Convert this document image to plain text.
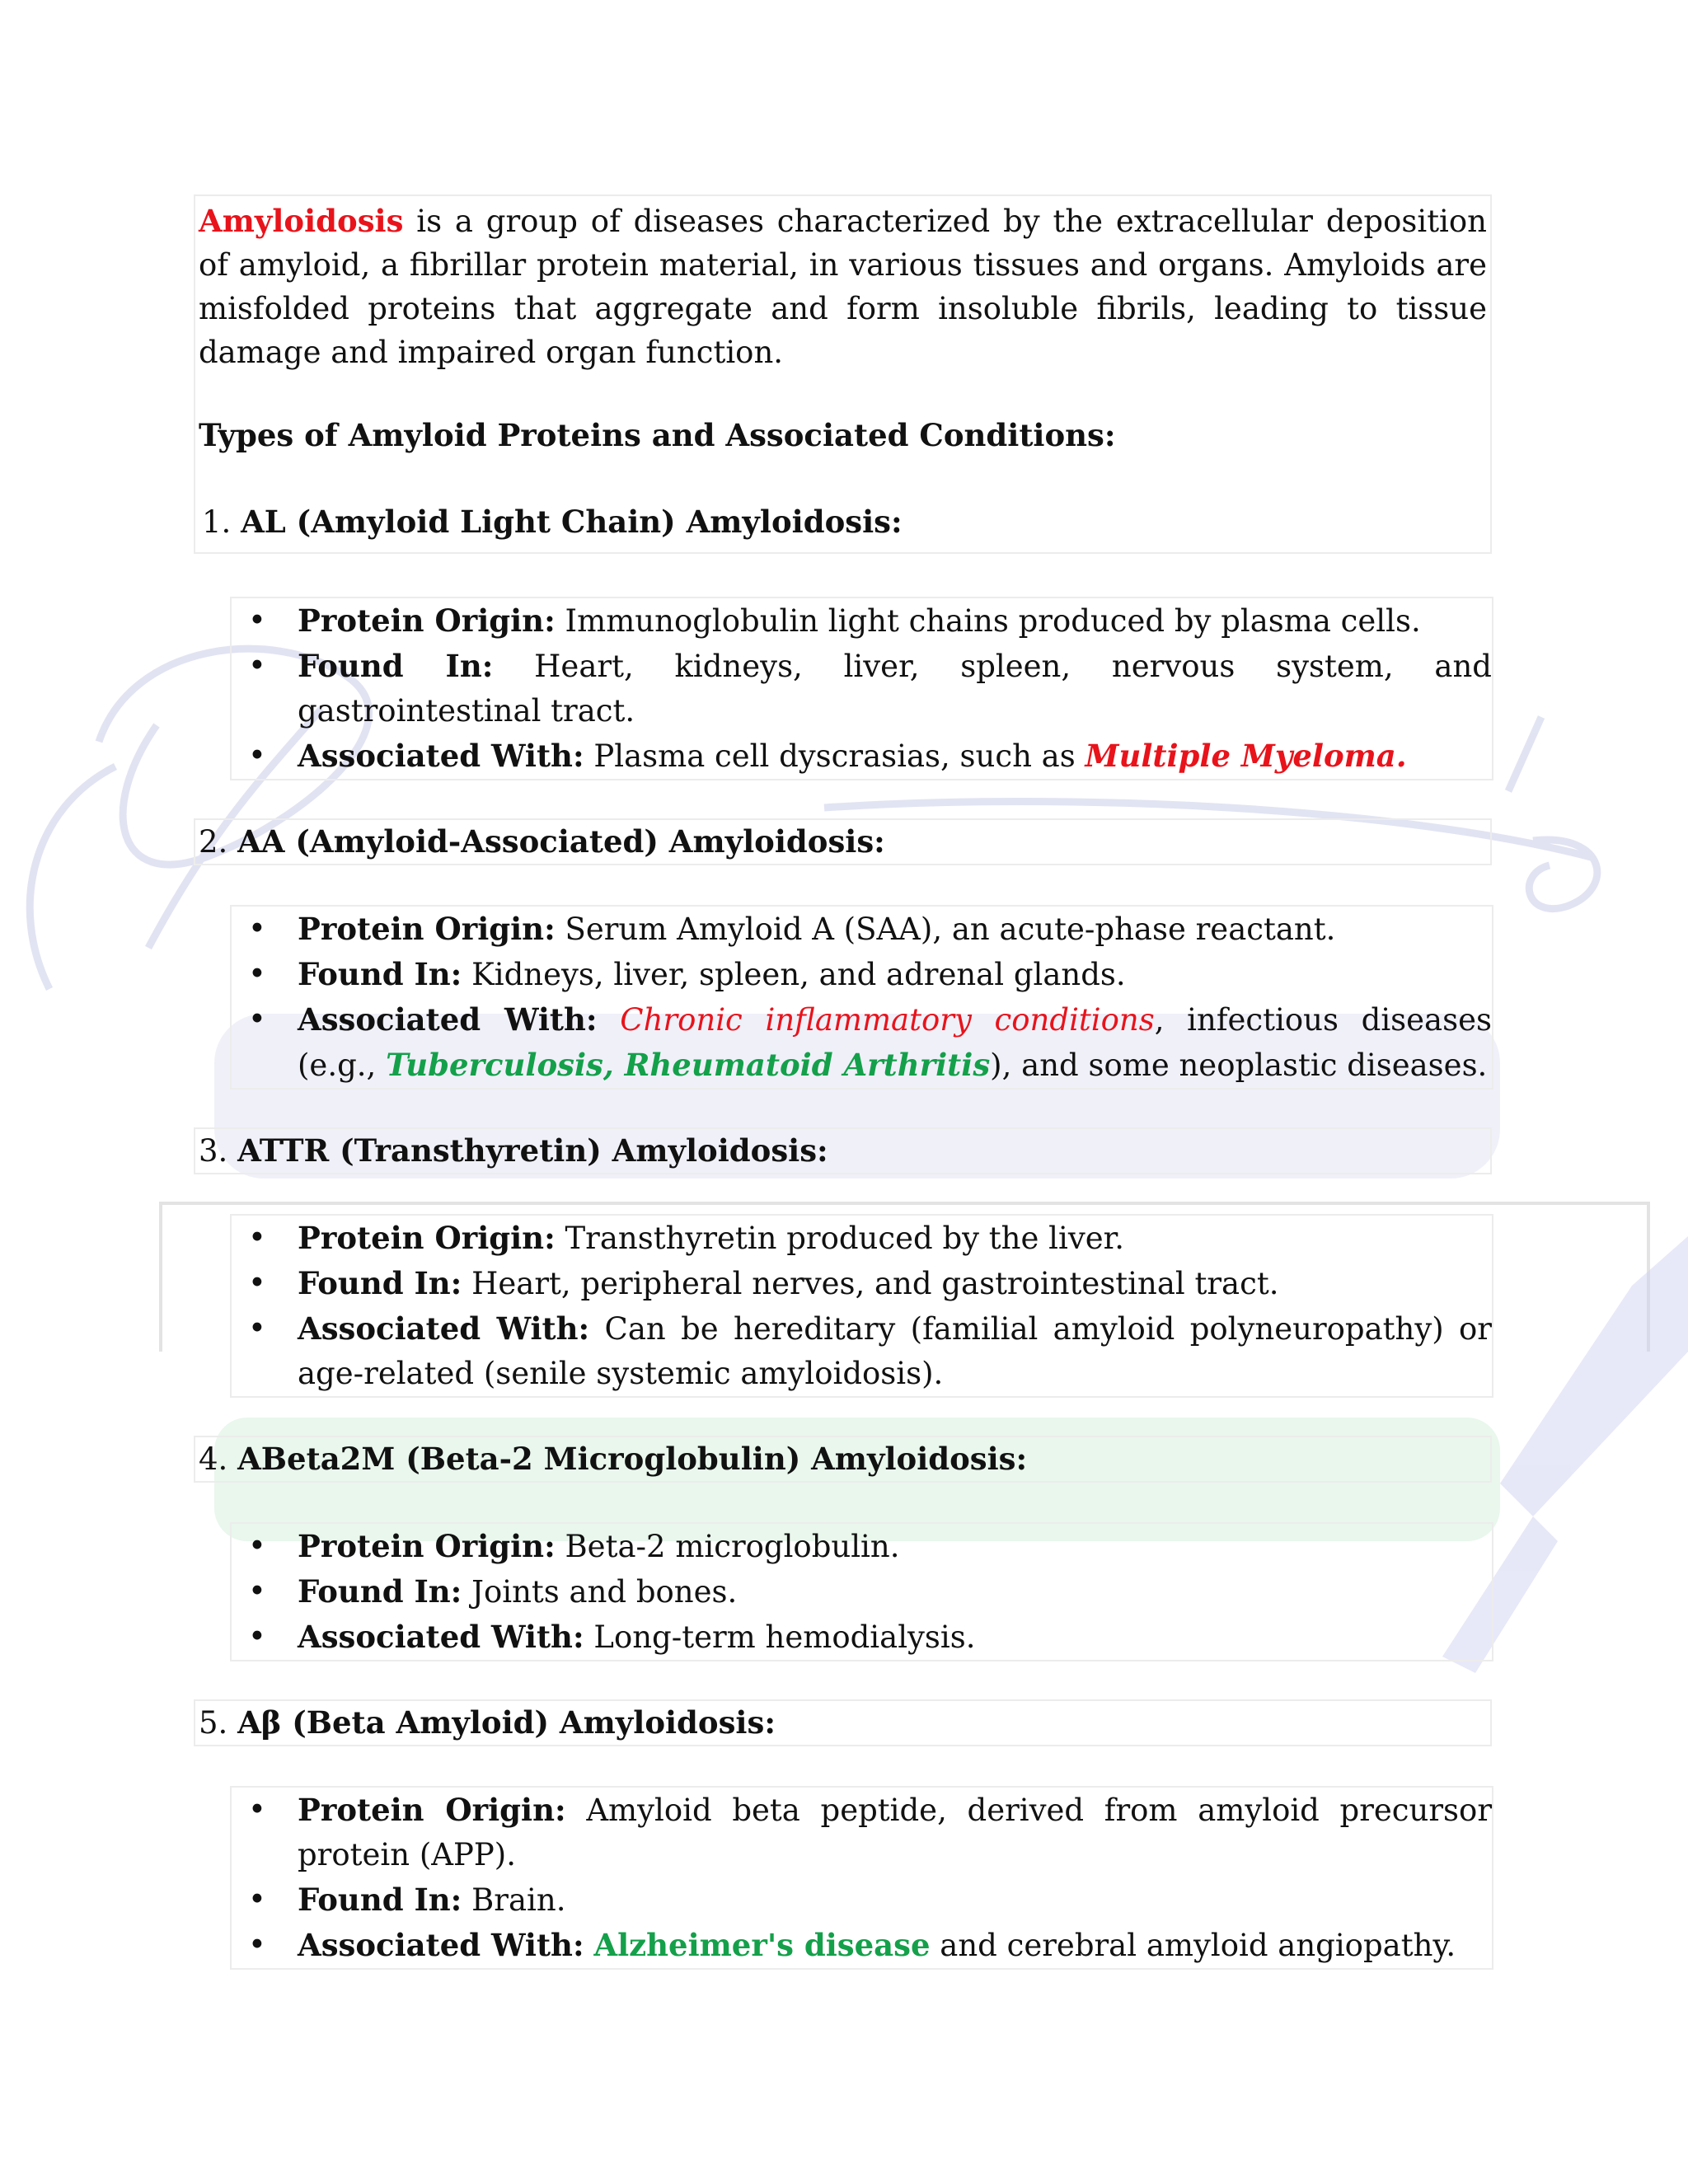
Amyloidosis is a group of diseases characterized by the extracellular deposition of amyloid, a fibrillar protein material, in various tissues and organs. Amyloids are misfolded proteins that aggregate and form insoluble fibrils, leading to tissue damage and impaired organ function.
Types of Amyloid Proteins and Associated Conditions:
1. AL (Amyloid Light Chain) Amyloidosis:
• Protein Origin: Immunoglobulin light chains produced by plasma cells.
• Found In: Heart, kidneys, liver, spleen, nervous system, and gastrointestinal tract.
• Associated With: Plasma cell dyscrasias, such as Multiple Myeloma.
2. AA (Amyloid-Associated) Amyloidosis:
• Protein Origin: Serum Amyloid A (SAA), an acute-phase reactant.
• Found In: Kidneys, liver, spleen, and adrenal glands.
• Associated With: Chronic inflammatory conditions, infectious diseases (e.g., Tuberculosis, Rheumatoid Arthritis), and some neoplastic diseases.
3. ATTR (Transthyretin) Amyloidosis:
• Protein Origin: Transthyretin produced by the liver.
• Found In: Heart, peripheral nerves, and gastrointestinal tract.
• Associated With: Can be hereditary (familial amyloid polyneuropathy) or age-related (senile systemic amyloidosis).
4. ABeta2M (Beta-2 Microglobulin) Amyloidosis:
• Protein Origin: Beta-2 microglobulin.
• Found In: Joints and bones.
• Associated With: Long-term hemodialysis.
5. Aβ (Beta Amyloid) Amyloidosis:
• Protein Origin: Amyloid beta peptide, derived from amyloid precursor protein (APP).
• Found In: Brain.
• Associated With: Alzheimer's disease and cerebral amyloid angiopathy.
